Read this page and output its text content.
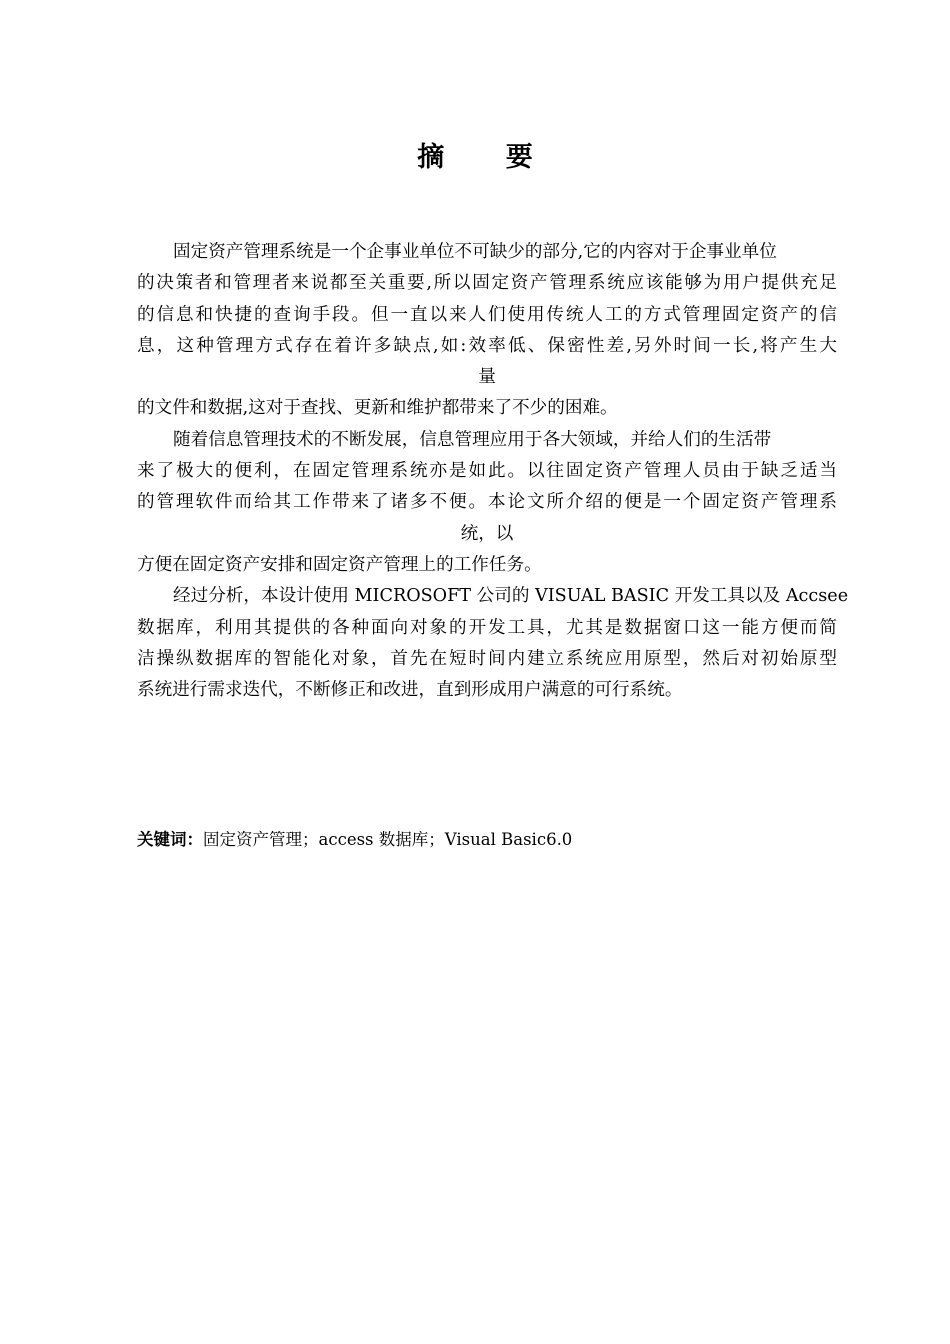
摘 要
固定资产管理系统是一个企事业单位不可缺少的部分,它的内容对于企事业单位
的决策者和管理者来说都至关重要,所以固定资产管理系统应该能够为用户提供充足
的信息和快捷的查询手段。但一直以来人们使用传统人工的方式管理固定资产的信
息，这种管理方式存在着许多缺点,如:效率低、保密性差,另外时间一长,将产生大
量
的文件和数据,这对于查找、更新和维护都带来了不少的困难。
随着信息管理技术的不断发展，信息管理应用于各大领域，并给人们的生活带
来了极大的便利，在固定管理系统亦是如此。以往固定资产管理人员由于缺乏适当
的管理软件而给其工作带来了诸多不便。本论文所介绍的便是一个固定资产管理系
统，以
方便在固定资产安排和固定资产管理上的工作任务。
经过分析，本设计使用 MICROSOFT 公司的 VISUAL BASIC 开发工具以及 Accsee
数据库，利用其提供的各种面向对象的开发工具，尤其是数据窗口这一能方便而简
洁操纵数据库的智能化对象，首先在短时间内建立系统应用原型，然后对初始原型
系统进行需求迭代，不断修正和改进，直到形成用户满意的可行系统。
关键词：固定资产管理；access 数据库；Visual Basic6.0
